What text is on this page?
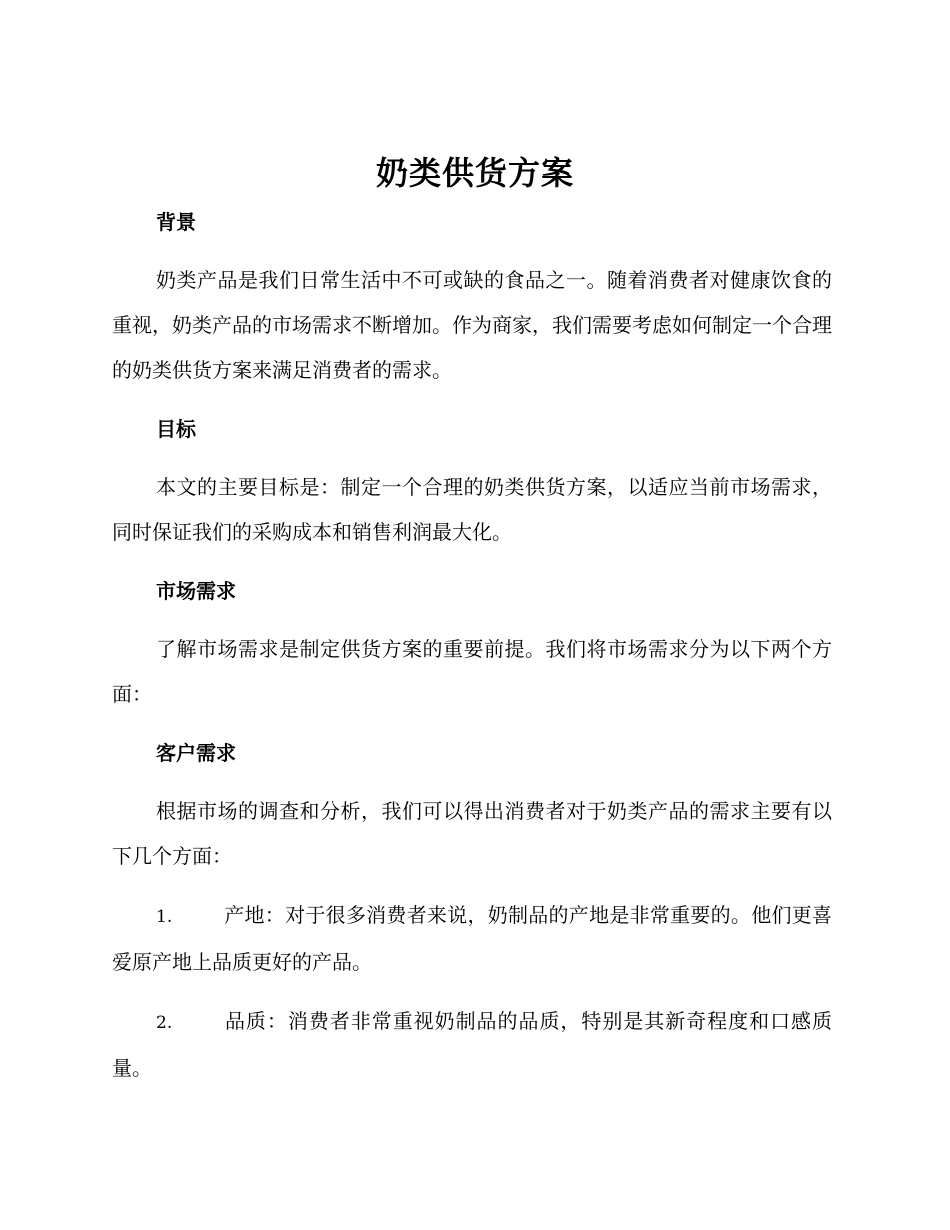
奶类供货方案
背景

奶类产品是我们日常生活中不可或缺的食品之一。随着消费者对健康饮食的重视，奶类产品的市场需求不断增加。作为商家，我们需要考虑如何制定一个合理的奶类供货方案来满足消费者的需求。

目标

本文的主要目标是：制定一个合理的奶类供货方案，以适应当前市场需求，同时保证我们的采购成本和销售利润最大化。

市场需求

了解市场需求是制定供货方案的重要前提。我们将市场需求分为以下两个方面：

客户需求

根据市场的调查和分析，我们可以得出消费者对于奶类产品的需求主要有以下几个方面：

1.	产地：对于很多消费者来说，奶制品的产地是非常重要的。他们更喜爱原产地上品质更好的产品。

2.	品质：消费者非常重视奶制品的品质，特别是其新奇程度和口感质量。
